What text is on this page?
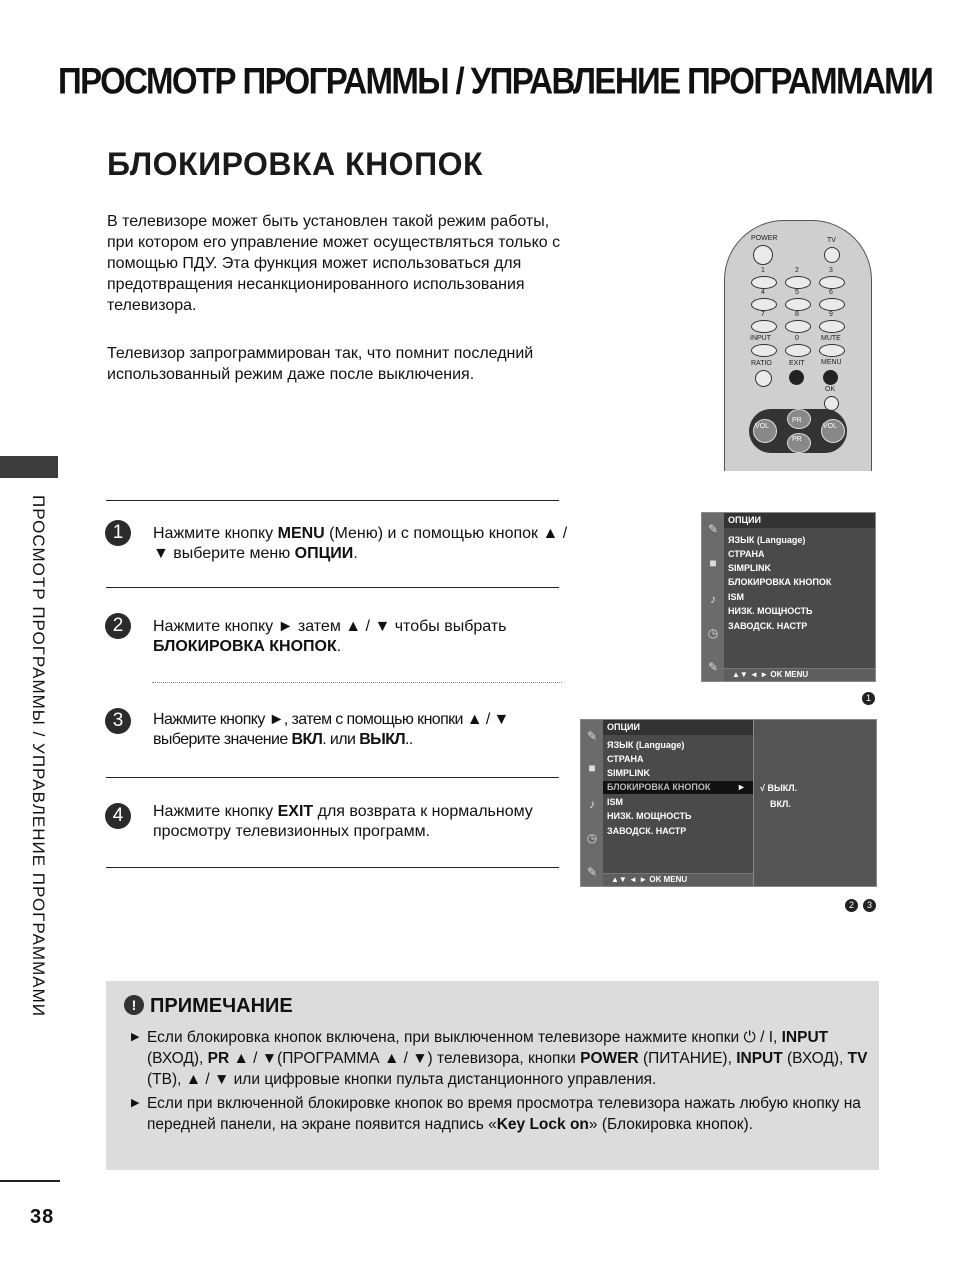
ПРОСМОТР ПРОГРАММЫ / УПРАВЛЕНИЕ ПРОГРАММАМИ
БЛОКИРОВКА КНОПОК
В телевизоре может быть установлен такой режим работы, при котором его управление может осуществляться только с помощью ПДУ. Эта функция может использоваться для предотвращения несанкционированного использования телевизора.
Телевизор запрограммирован так, что помнит последний использованный режим даже после выключения.
ПРОСМОТР ПРОГРАММЫ / УПРАВЛЕНИЕ ПРОГРАММАМИ
POWER	TV
1	2	3
4	5	6
7	8	9
INPUT	0	MUTE
RATIO EXIT MENU
OK
VOL	VOL
PR
PR
1	Нажмите кнопку MENU (Меню) и с помощью кнопок ▲ / ▼ выберите меню ОПЦИИ.
2	Нажмите кнопку ► затем ▲ / ▼ чтобы выбрать БЛОКИРОВКА КНОПОК.
3	Нажмите кнопку ►, затем с помощью кнопки ▲ / ▼ выберите значение ВКЛ. или ВЫКЛ..
4	Нажмите кнопку EXIT для возврата к нормальному просмотру телевизионных программ.
✎
■
♪
◷
✎
ОПЦИИ
ЯЗЫК (Language)
СТРАНА
SIMPLINK
БЛОКИРОВКА КНОПОК
ISM
НИЗК. МОЩНОСТЬ
ЗАВОДСК. НАСТР
▲▼ ◄ ► OK MENU
1
✎
■
♪
◷
✎
ОПЦИИ
ЯЗЫК (Language)
СТРАНА
SIMPLINK
БЛОКИРОВКА КНОПОК	►
ISM
НИЗК. МОЩНОСТЬ
ЗАВОДСК. НАСТР
▲▼ ◄ ► OK MENU
√ ВЫКЛ.
ВКЛ.
2	3
! ПРИМЕЧАНИЕ
▶ Если блокировка кнопок включена, при выключенном телевизоре нажмите кнопки ⏻ / I, INPUT (ВХОД), PR ▲ / ▼(ПРОГРАММА ▲ / ▼) телевизора, кнопки POWER (ПИТАНИЕ), INPUT (ВХОД), TV (ТВ), ▲ / ▼ или цифровые кнопки пульта дистанционного управления.
▶ Если при включенной блокировке кнопок во время просмотра телевизора нажать любую кнопку на передней панели, на экране появится надпись «Key Lock on» (Блокировка кнопок).
38
